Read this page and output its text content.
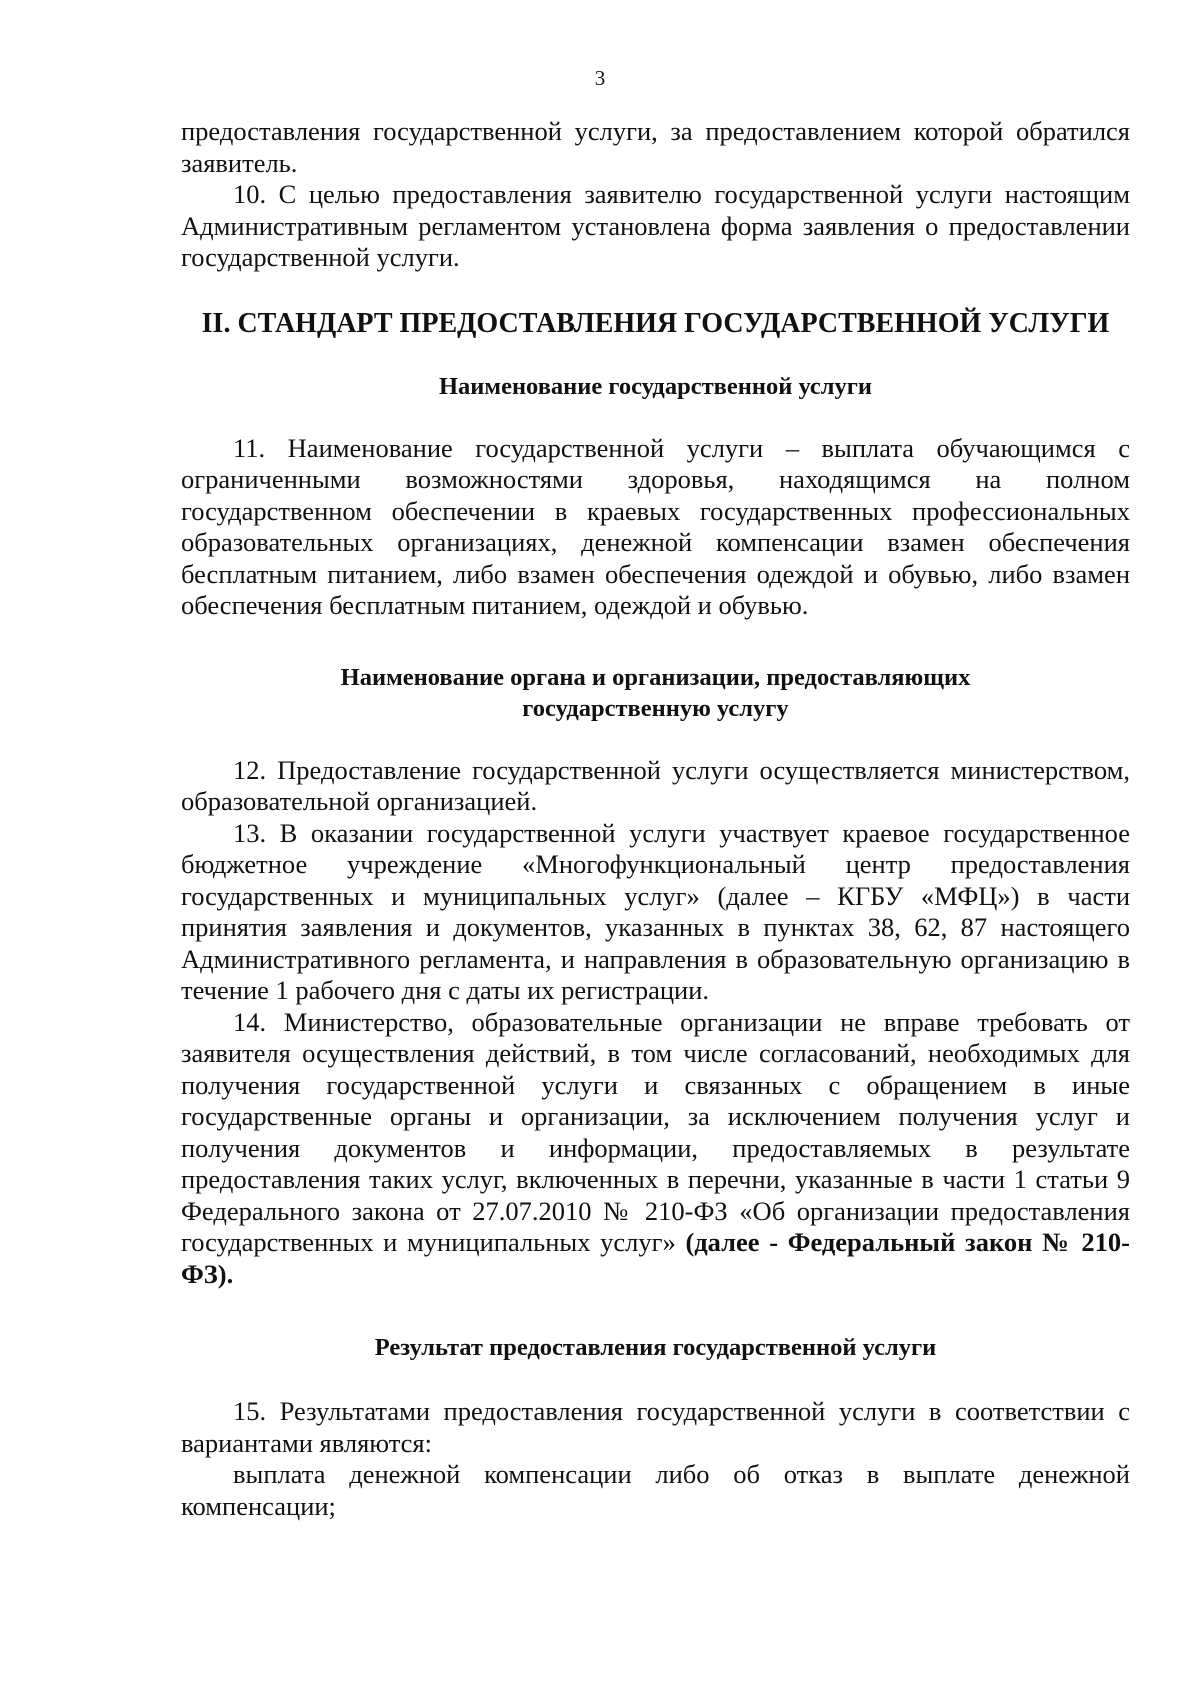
3

предоставления государственной услуги, за предоставлением которой обратился заявитель.

10. С целью предоставления заявителю государственной услуги настоящим Административным регламентом установлена форма заявления о предоставлении государственной услуги.

II. СТАНДАРТ ПРЕДОСТАВЛЕНИЯ ГОСУДАРСТВЕННОЙ УСЛУГИ
Наименование государственной услуги

11. Наименование государственной услуги – выплата обучающимся с ограниченными возможностями здоровья, находящимся на полном государственном обеспечении в краевых государственных профессиональных образовательных организациях, денежной компенсации взамен обеспечения бесплатным питанием, либо взамен обеспечения одеждой и обувью, либо взамен обеспечения бесплатным питанием, одеждой и обувью.

Наименование органа и организации, предоставляющих государственную услугу

12. Предоставление государственной услуги осуществляется министерством, образовательной организацией.

13. В оказании государственной услуги участвует краевое государственное бюджетное учреждение «Многофункциональный центр предоставления государственных и муниципальных услуг» (далее – КГБУ «МФЦ») в части принятия заявления и документов, указанных в пунктах 38, 62, 87 настоящего Административного регламента, и направления в образовательную организацию в течение 1 рабочего дня с даты их регистрации.

14. Министерство, образовательные организации не вправе требовать от заявителя осуществления действий, в том числе согласований, необходимых для получения государственной услуги и связанных с обращением в иные государственные органы и организации, за исключением получения услуг и получения документов и информации, предоставляемых в результате предоставления таких услуг, включенных в перечни, указанные в части 1 статьи 9 Федерального закона от 27.07.2010 № 210-ФЗ «Об организации предоставления государственных и муниципальных услуг» (далее - Федеральный закон № 210-ФЗ).

Результат предоставления государственной услуги

15. Результатами предоставления государственной услуги в соответствии с вариантами являются:

выплата денежной компенсации либо об отказ в выплате денежной компенсации;
